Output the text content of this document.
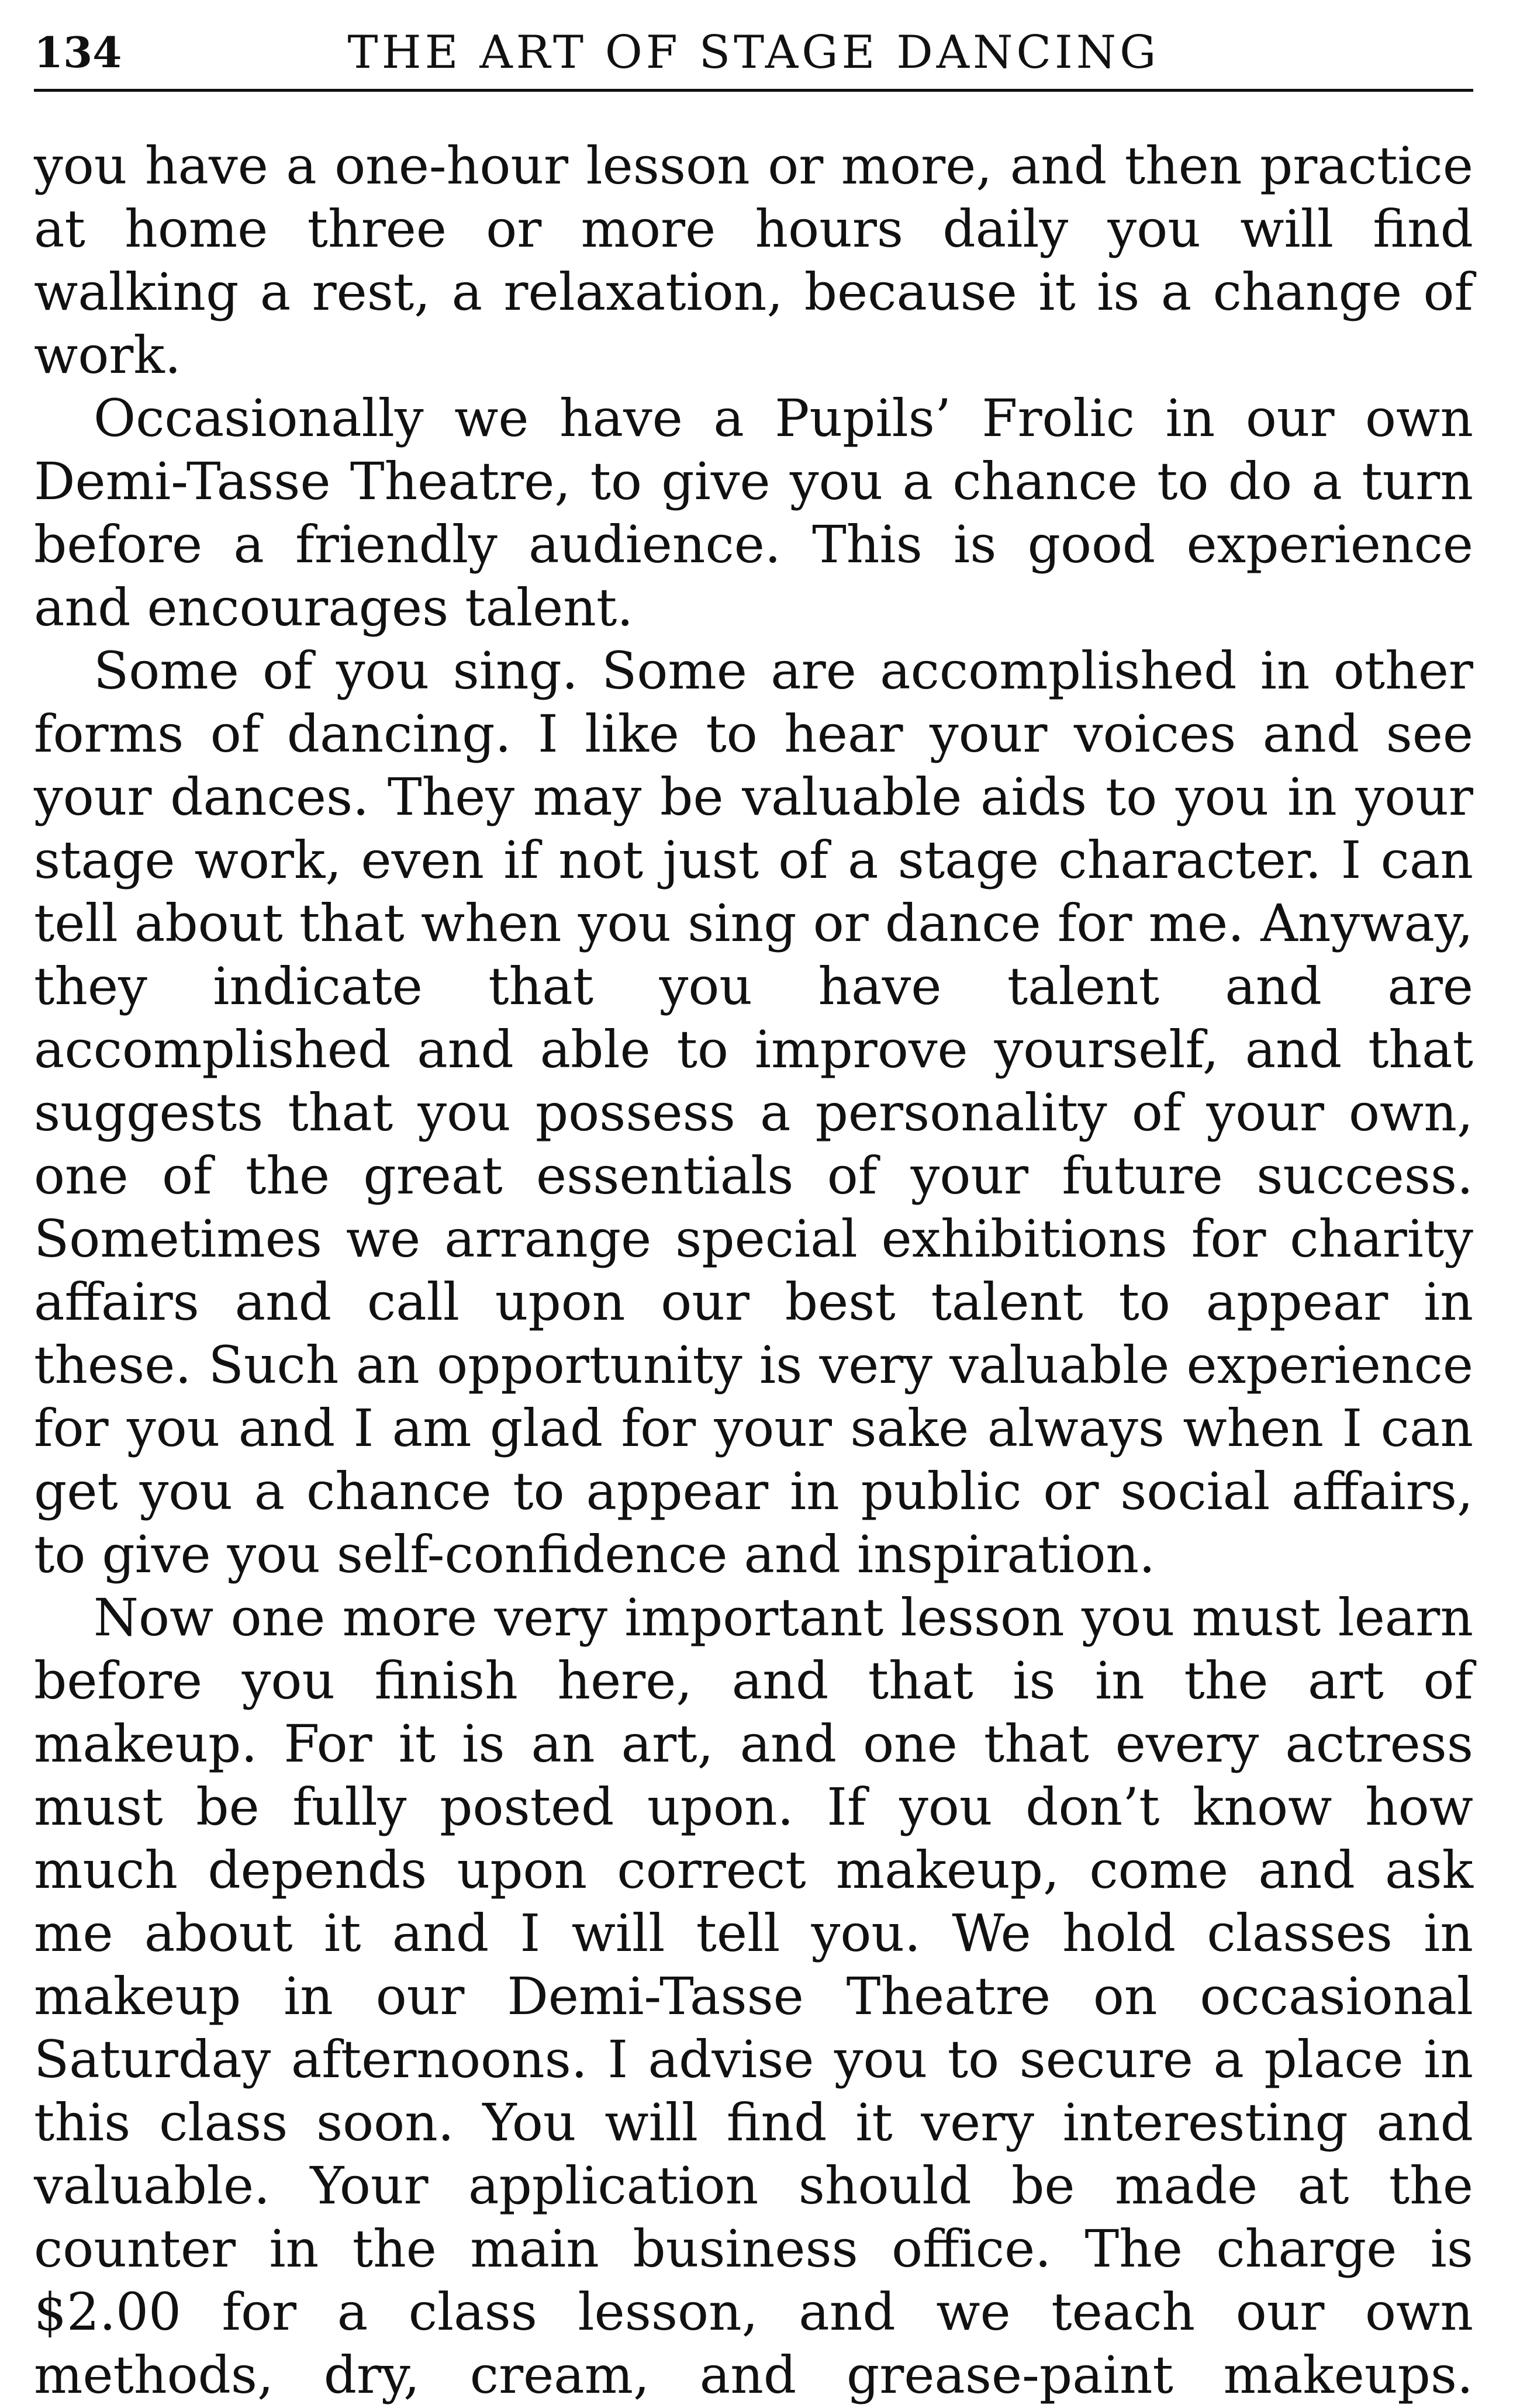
134	THE ART OF STAGE DANCING

you have a one-hour lesson or more, and then practice at home three or more hours daily you will find walking a rest, a relaxation, because it is a change of work.

Occasionally we have a Pupils’ Frolic in our own Demi-Tasse Theatre, to give you a chance to do a turn before a friendly audience. This is good experience and encourages talent.

Some of you sing. Some are accomplished in other forms of dancing. I like to hear your voices and see your dances. They may be valuable aids to you in your stage work, even if not just of a stage character. I can tell about that when you sing or dance for me. Anyway, they indicate that you have talent and are accomplished and able to improve yourself, and that suggests that you possess a personality of your own, one of the great essentials of your future success. Sometimes we arrange special exhibitions for charity affairs and call upon our best talent to appear in these. Such an opportunity is very valuable experience for you and I am glad for your sake always when I can get you a chance to appear in public or social affairs, to give you self-confidence and inspiration.

Now one more very important lesson you must learn before you finish here, and that is in the art of makeup. For it is an art, and one that every actress must be fully posted upon. If you don’t know how much depends upon correct makeup, come and ask me about it and I will tell you. We hold classes in makeup in our Demi-Tasse Theatre on occasional Saturday afternoons. I advise you to secure a place in this class soon. You will find it very interesting and valuable. Your application should be made at the counter in the main business office. The charge is $2.00 for a class lesson, and we teach our own methods, dry, cream, and grease-paint makeups.
